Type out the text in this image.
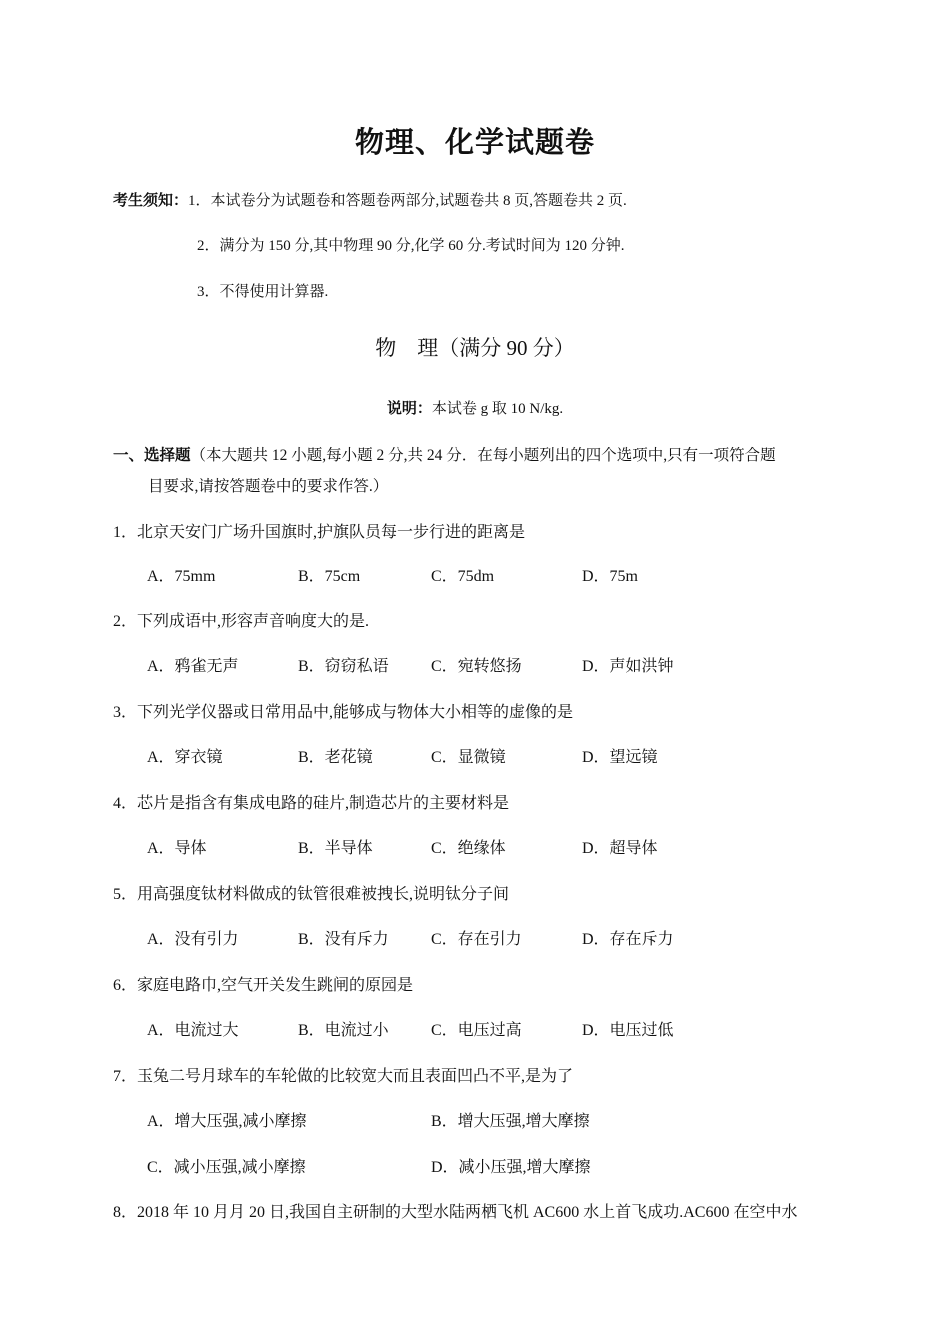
物理、化学试题卷
考生须知：1．本试卷分为试题卷和答题卷两部分,试题卷共 8 页,答题卷共 2 页.
2．满分为 150 分,其中物理 90 分,化学 60 分.考试时间为 120 分钟.
3．不得使用计算器.
物　理（满分 90 分）
说明：本试卷 g 取 10 N/kg.
一、选择题（本大题共 12 小题,每小题 2 分,共 24 分．在每小题列出的四个选项中,只有一项符合题
目要求,请按答题卷中的要求作答.）
1．北京天安门广场升国旗时,护旗队员每一步行进的距离是
A．75mm	B．75cm	C．75dm	D．75m
2．下列成语中,形容声音响度大的是.
A．鸦雀无声	B．窃窃私语	C．宛转悠扬	D．声如洪钟
3．下列光学仪器或日常用品中,能够成与物体大小相等的虚像的是
A．穿衣镜	B．老花镜	C．显微镜	D．望远镜
4．芯片是指含有集成电路的硅片,制造芯片的主要材料是
A．导体	B．半导体	C．绝缘体	D．超导体
5．用高强度钛材料做成的钛管很难被拽长,说明钛分子间
A．没有引力	B．没有斥力	C．存在引力	D．存在斥力
6．家庭电路巾,空气开关发生跳闸的原园是
A．电流过大	B．电流过小	C．电压过高	D．电压过低
7．玉兔二号月球车的车轮做的比较宽大而且表面凹凸不平,是为了
A．增大压强,减小摩擦	B．增大压强,增大摩擦
C．减小压强,减小摩擦	D．减小压强,增大摩擦
8．2018 年 10 月月 20 日,我国自主研制的大型水陆两栖飞机 AC600 水上首飞成功.AC600 在空中水
